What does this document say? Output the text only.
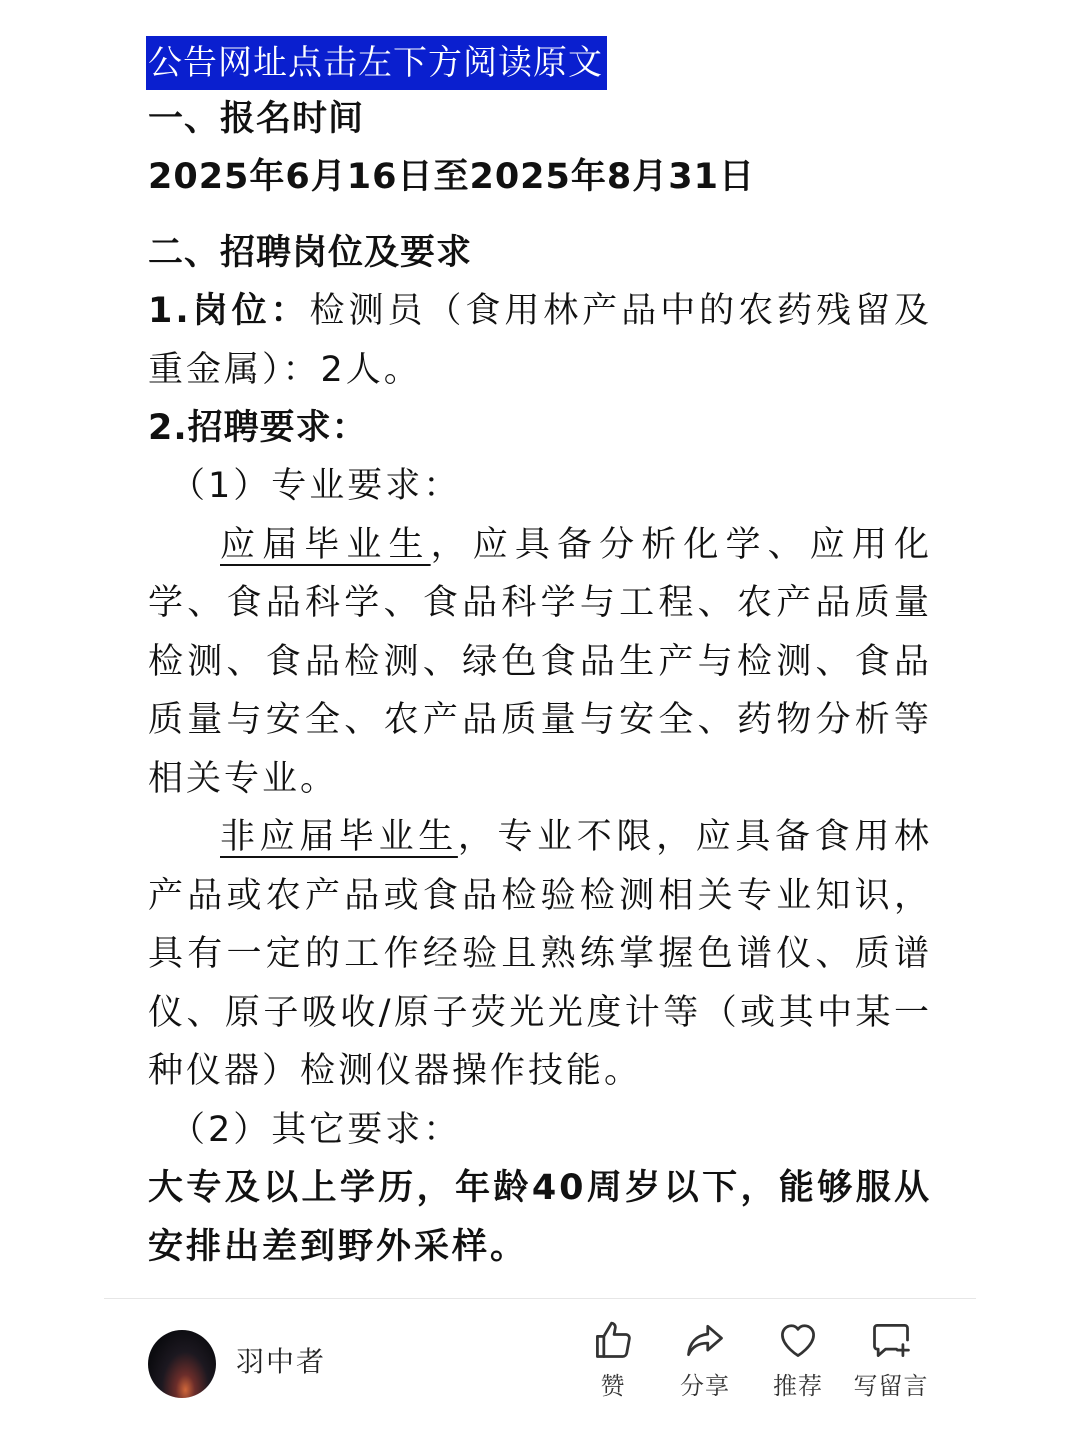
公告网址点击左下方阅读原文

一、报名时间

2025年6月16日至2025年8月31日

二、招聘岗位及要求

1.岗位：检测员（食用林产品中的农药残留及重金属）：2人。

2.招聘要求：

（1）专业要求：

应届毕业生，应具备分析化学、应用化学、食品科学、食品科学与工程、农产品质量检测、食品检测、绿色食品生产与检测、食品质量与安全、农产品质量与安全、药物分析等相关专业。

非应届毕业生，专业不限，应具备食用林产品或农产品或食品检验检测相关专业知识，具有一定的工作经验且熟练掌握色谱仪、质谱仪、原子吸收/原子荧光光度计等（或其中某一种仪器）检测仪器操作技能。

（2）其它要求：

大专及以上学历，年龄40周岁以下，能够服从安排出差到野外采样。

羽中者
赞	分享	推荐	写留言
